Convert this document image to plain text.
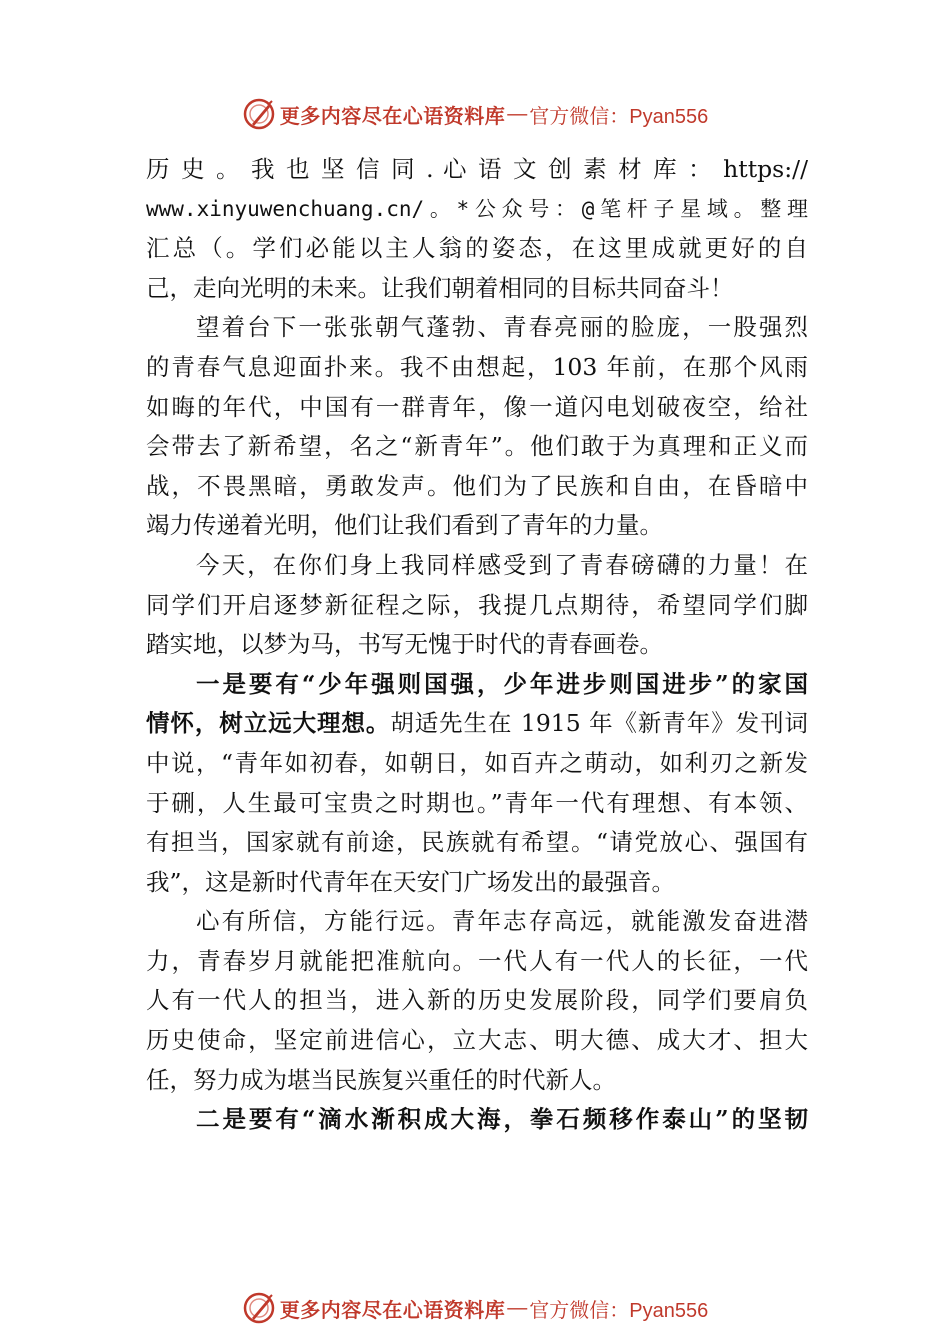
更多内容尽在心语资料库 — 官方微信：Pyan556
历 史 。 我 也 坚 信 同 . 心 语 文 创 素 材 库 ： https://
www.xinyuwenchuang.cn/。*公众号：@笔杆子星域。整理
汇总（。学们必能以主人翁的姿态，在这里成就更好的自
己，走向光明的未来。让我们朝着相同的目标共同奋斗！
望着台下一张张朝气蓬勃、青春亮丽的脸庞，一股强烈
的青春气息迎面扑来。我不由想起，103 年前，在那个风雨
如晦的年代，中国有一群青年，像一道闪电划破夜空，给社
会带去了新希望，名之“新青年”。他们敢于为真理和正义而
战，不畏黑暗，勇敢发声。他们为了民族和自由，在昏暗中
竭力传递着光明，他们让我们看到了青年的力量。
今天，在你们身上我同样感受到了青春磅礴的力量！在
同学们开启逐梦新征程之际，我提几点期待，希望同学们脚
踏实地，以梦为马，书写无愧于时代的青春画卷。
一是要有“少年强则国强，少年进步则国进步”的家国
情怀，树立远大理想。胡适先生在 1915 年《新青年》发刊词
中说，“青年如初春，如朝日，如百卉之萌动，如利刃之新发
于硎，人生最可宝贵之时期也。”青年一代有理想、有本领、
有担当，国家就有前途，民族就有希望。“请党放心、强国有
我”，这是新时代青年在天安门广场发出的最强音。
心有所信，方能行远。青年志存高远，就能激发奋进潜
力，青春岁月就能把准航向。一代人有一代人的长征，一代
人有一代人的担当，进入新的历史发展阶段，同学们要肩负
历史使命，坚定前进信心，立大志、明大德、成大才、担大
任，努力成为堪当民族复兴重任的时代新人。
二是要有“滴水渐积成大海，拳石频移作泰山”的坚韧
更多内容尽在心语资料库 — 官方微信：Pyan556
